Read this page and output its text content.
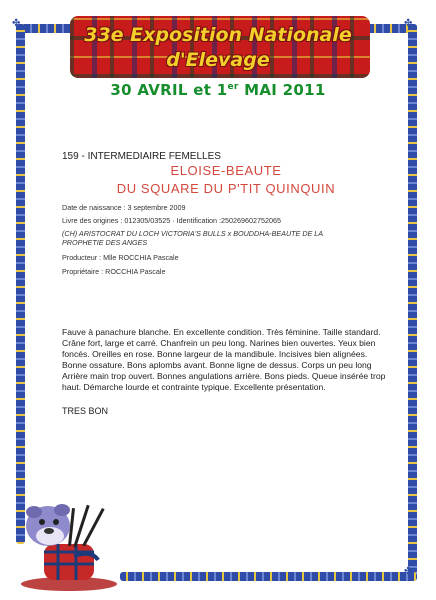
✤	✤
✤
33e Exposition Nationale
d'Elevage
30 AVRIL et 1er MAI 2011
159 - INTERMEDIAIRE FEMELLES
ELOISE-BEAUTE
DU SQUARE DU P'TIT QUINQUIN
Date de naissance : 3 septembre 2009
Livre des origines : 012305/03525 · Identification :250269602752065
(CH) ARISTOCRAT DU LOCH VICTORIA'S BULLS x BOUDDHA-BEAUTE DE LA
PROPHETIE DES ANGES
Producteur : Mlle ROCCHIA Pascale
Propriétaire : ROCCHIA Pascale
Fauve à panachure blanche. En excellente condition. Très féminine. Taille standard.
Crâne fort, large et carré. Chanfrein un peu long. Narines bien ouvertes. Yeux bien
foncés. Oreilles en rose. Bonne largeur de la mandibule. Incisives bien alignées.
Bonne ossature. Bons aplombs avant. Bonne ligne de dessus. Corps un peu long
Arrière main trop ouvert. Bonnes angulations arrière. Bons pieds. Queue insérée trop
haut. Démarche lourde et contrainte typique. Excellente présentation.
TRES BON
